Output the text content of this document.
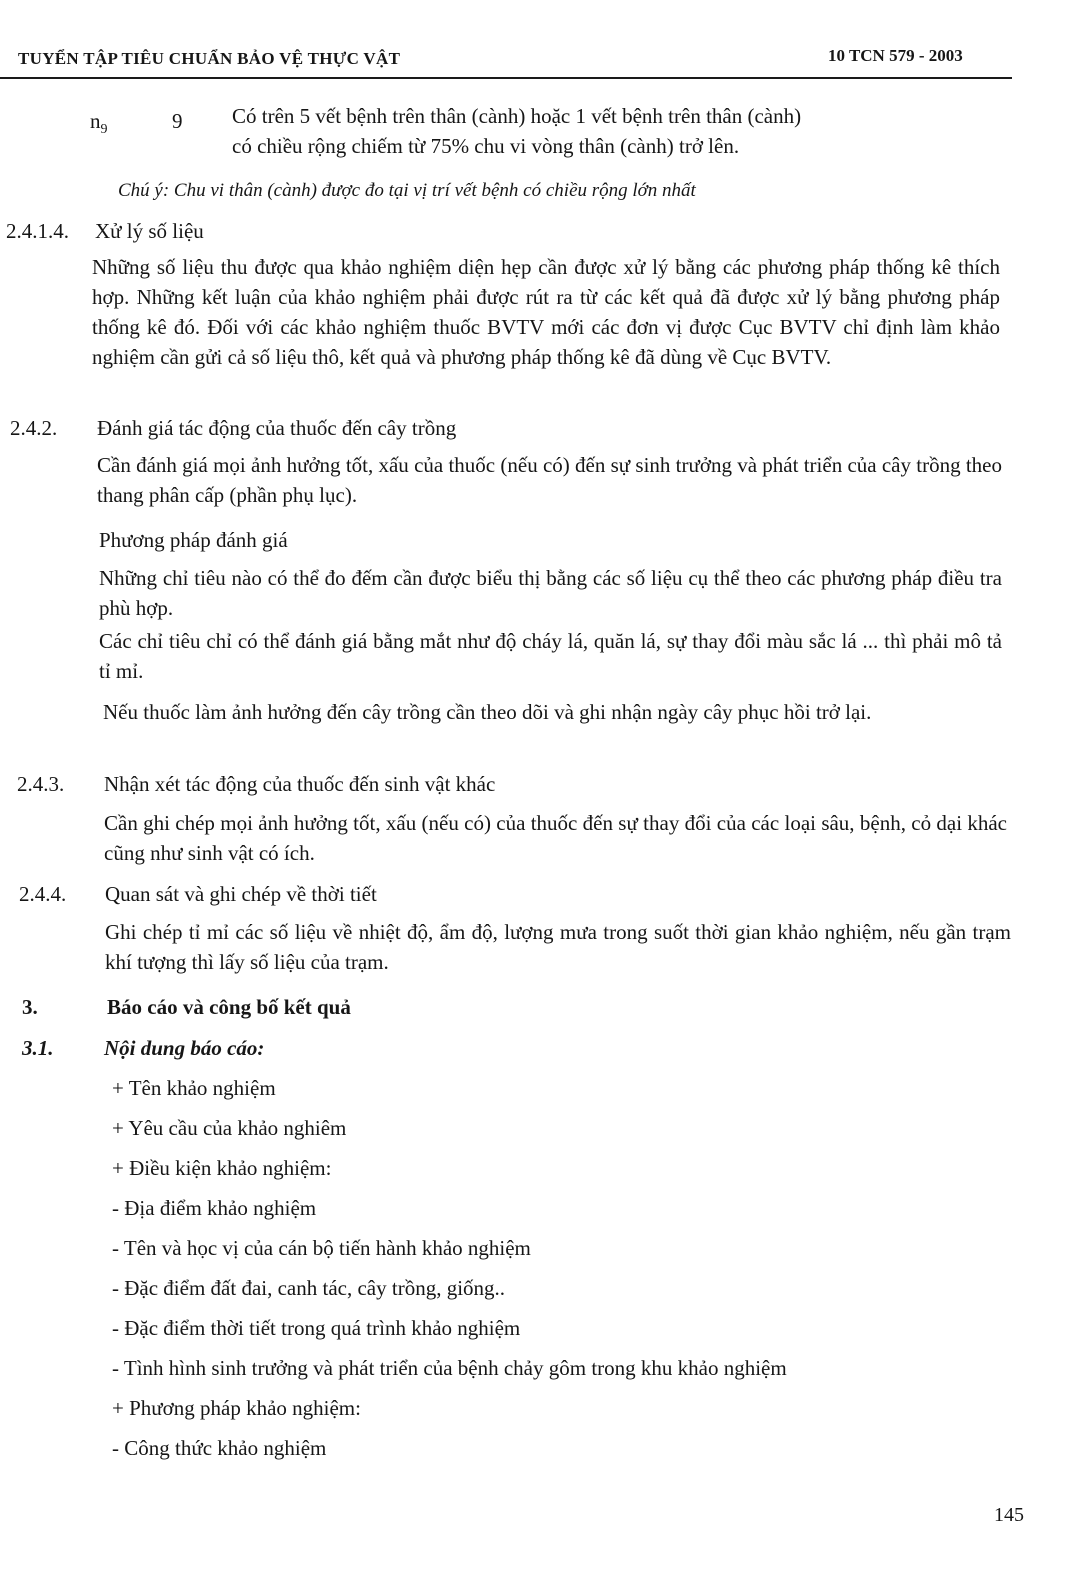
TUYỂN TẬP TIÊU CHUẨN BẢO VỆ THỰC VẬT	10 TCN 579 - 2003
$n_9$	9 Có trên 5 vết bệnh trên thân (cành) hoặc 1 vết bệnh trên thân (cành)
có chiều rộng chiếm từ 75% chu vi vòng thân (cành) trở lên.
Chú ý: Chu vi thân (cành) được đo tại vị trí vết bệnh có chiều rộng lớn nhất
2.4.1.4. Xử lý số liệu
Những số liệu thu được qua khảo nghiệm diện hẹp cần được xử lý bằng các phương pháp thống kê thích hợp. Những kết luận của khảo nghiệm phải được rút ra từ các kết quả đã được xử lý bằng phương pháp thống kê đó. Đối với các khảo nghiệm thuốc BVTV mới các đơn vị được Cục BVTV chỉ định làm khảo nghiệm cần gửi cả số liệu thô, kết quả và phương pháp thống kê đã dùng về Cục BVTV.
2.4.2. Đánh giá tác động của thuốc đến cây trồng
Cần đánh giá mọi ảnh hưởng tốt, xấu của thuốc (nếu có) đến sự sinh trưởng và phát triển của cây trồng theo thang phân cấp (phần phụ lục).
Phương pháp đánh giá
Những chỉ tiêu nào có thể đo đếm cần được biểu thị bằng các số liệu cụ thể theo các phương pháp điều tra phù hợp.
Các chỉ tiêu chỉ có thể đánh giá bằng mắt như độ cháy lá, quăn lá, sự thay đổi màu sắc lá ... thì phải mô tả tỉ mỉ.
Nếu thuốc làm ảnh hưởng đến cây trồng cần theo dõi và ghi nhận ngày cây phục hồi trở lại.
2.4.3. Nhận xét tác động của thuốc đến sinh vật khác
Cần ghi chép mọi ảnh hưởng tốt, xấu (nếu có) của thuốc đến sự thay đổi của các loại sâu, bệnh, cỏ dại khác cũng như sinh vật có ích.
2.4.4. Quan sát và ghi chép về thời tiết
Ghi chép tỉ mỉ các số liệu về nhiệt độ, ẩm độ, lượng mưa trong suốt thời gian khảo nghiệm, nếu gần trạm khí tượng thì lấy số liệu của trạm.
3.	Báo cáo và công bố kết quả
3.1. Nội dung báo cáo:
+ Tên khảo nghiệm
+ Yêu cầu của khảo nghiêm
+ Điều kiện khảo nghiệm:
- Địa điểm khảo nghiệm
- Tên và học vị của cán bộ tiến hành khảo nghiệm
- Đặc điểm đất đai, canh tác, cây trồng, giống..
- Đặc điểm thời tiết trong quá trình khảo nghiệm
- Tình hình sinh trưởng và phát triển của bệnh chảy gôm trong khu khảo nghiệm
+ Phương pháp khảo nghiệm:
- Công thức khảo nghiệm
145
